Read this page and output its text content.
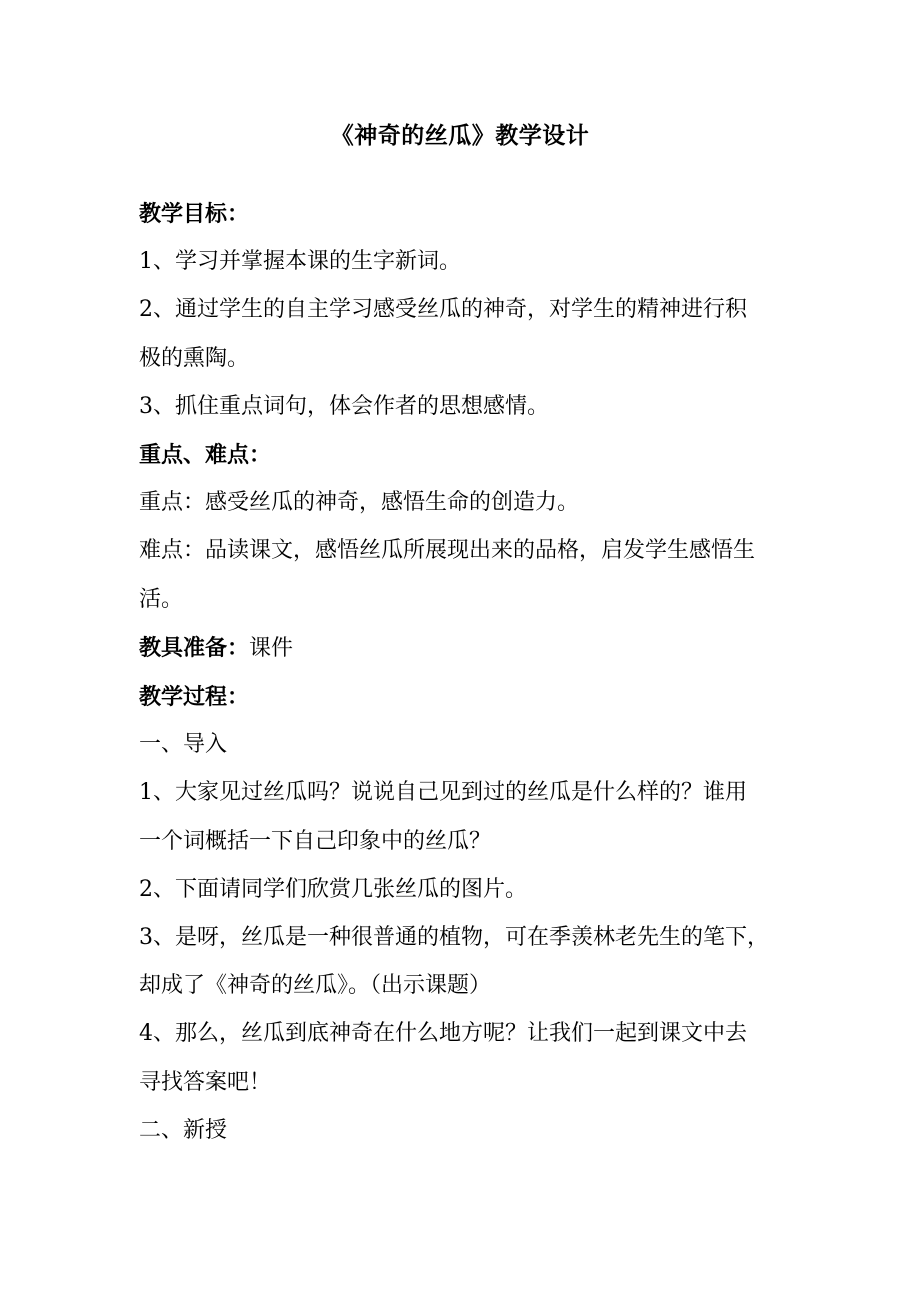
《神奇的丝瓜》教学设计

教学目标：

1、学习并掌握本课的生字新词。

2、通过学生的自主学习感受丝瓜的神奇，对学生的精神进行积

极的熏陶。

3、抓住重点词句，体会作者的思想感情。

重点、难点：

重点：感受丝瓜的神奇，感悟生命的创造力。

难点：品读课文，感悟丝瓜所展现出来的品格，启发学生感悟生

活。

教具准备：课件

教学过程：

一、导入

1、大家见过丝瓜吗？说说自己见到过的丝瓜是什么样的？谁用

一个词概括一下自己印象中的丝瓜？

2、下面请同学们欣赏几张丝瓜的图片。

3、是呀，丝瓜是一种很普通的植物，可在季羡林老先生的笔下，

却成了《神奇的丝瓜》。（出示课题）

4、那么，丝瓜到底神奇在什么地方呢？让我们一起到课文中去

寻找答案吧！

二、新授
